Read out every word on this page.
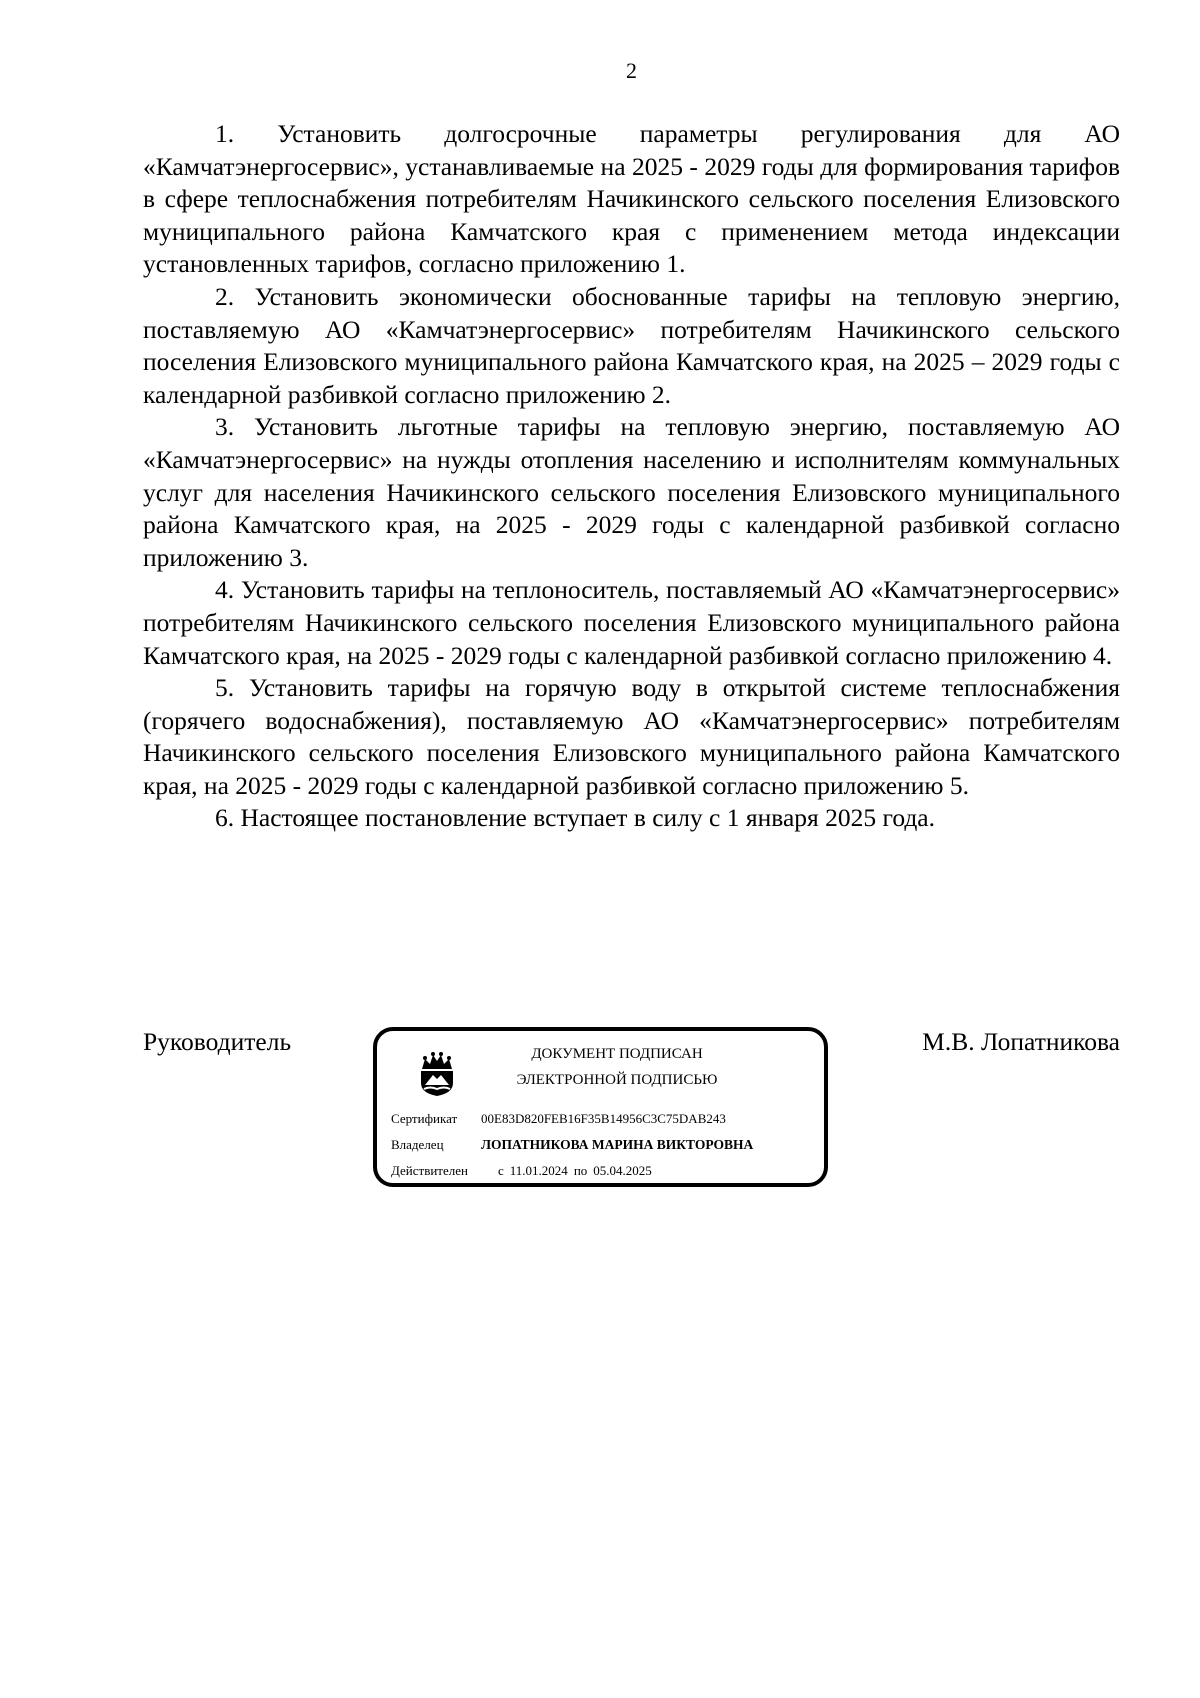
2

1. Установить долгосрочные параметры регулирования для АО «Камчатэнергосервис», устанавливаемые на 2025 - 2029 годы для формирования тарифов в сфере теплоснабжения потребителям Начикинского сельского поселения Елизовского муниципального района Камчатского края с применением метода индексации установленных тарифов, согласно приложению 1.

2. Установить экономически обоснованные тарифы на тепловую энергию, поставляемую АО «Камчатэнергосервис» потребителям Начикинского сельского поселения Елизовского муниципального района Камчатского края, на 2025 – 2029 годы с календарной разбивкой согласно приложению 2.

3. Установить льготные тарифы на тепловую энергию, поставляемую АО «Камчатэнергосервис» на нужды отопления населению и исполнителям коммунальных услуг для населения Начикинского сельского поселения Елизовского муниципального района Камчатского края, на 2025 - 2029 годы с календарной разбивкой согласно приложению 3.

4. Установить тарифы на теплоноситель, поставляемый АО «Камчатэнергосервис» потребителям Начикинского сельского поселения Елизовского муниципального района Камчатского края, на 2025 - 2029 годы с календарной разбивкой согласно приложению 4.

5. Установить тарифы на горячую воду в открытой системе теплоснабжения (горячего водоснабжения), поставляемую АО «Камчатэнергосервис» потребителям Начикинского сельского поселения Елизовского муниципального района Камчатского края, на 2025 - 2029 годы с календарной разбивкой согласно приложению 5.

6. Настоящее постановление вступает в силу с 1 января 2025 года.

Руководитель	М.В. Лопатникова
ДОКУМЕНТ ПОДПИСАН
ЭЛЕКТРОННОЙ ПОДПИСЬЮ
Сертификат 00E83D820FEB16F35B14956C3C75DAB243
Владелец	ЛОПАТНИКОВА МАРИНА ВИКТОРОВНА
Действителен с 11.01.2024 по 05.04.2025
